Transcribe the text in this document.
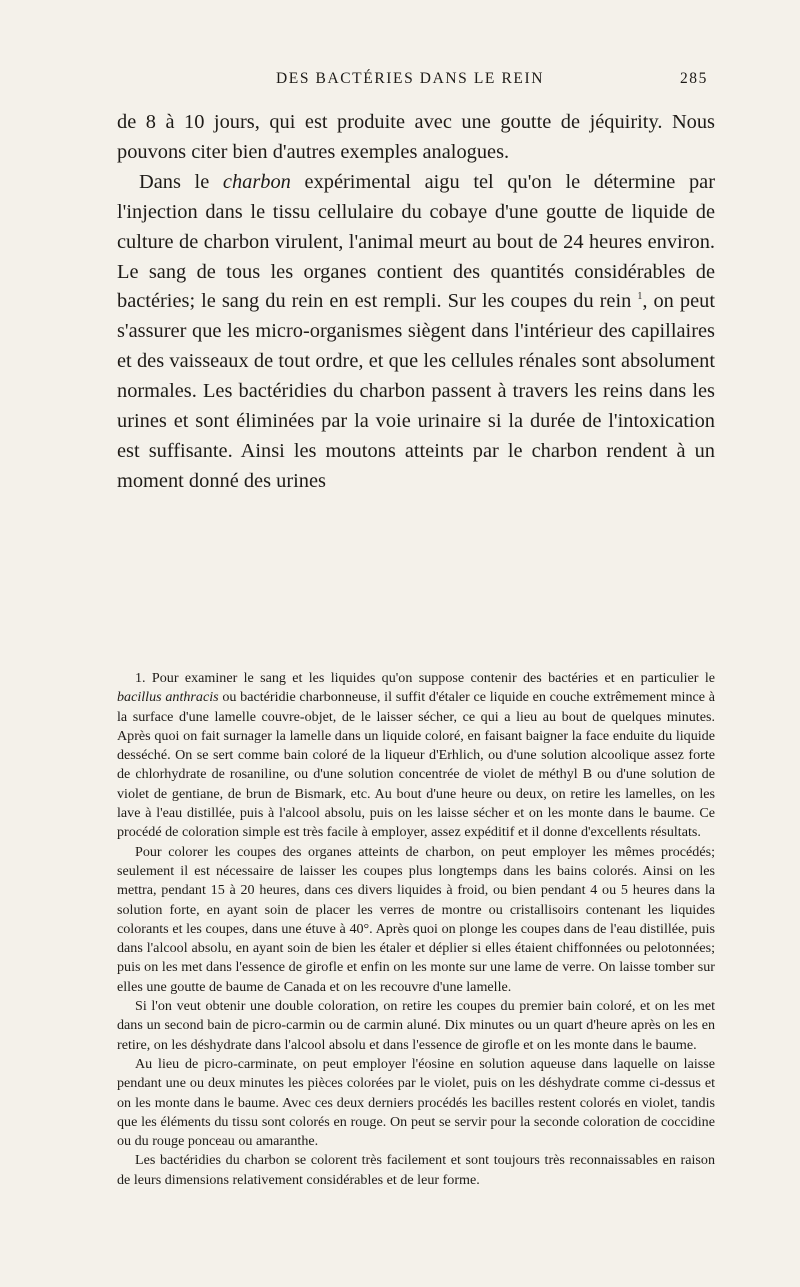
DES BACTÉRIES DANS LE REIN	285

de 8 à 10 jours, qui est produite avec une goutte de jéquirity. Nous pouvons citer bien d'autres exemples analogues.

Dans le charbon expérimental aigu tel qu'on le détermine par l'injection dans le tissu cellulaire du cobaye d'une goutte de liquide de culture de charbon virulent, l'animal meurt au bout de 24 heures environ. Le sang de tous les organes contient des quantités considérables de bactéries; le sang du rein en est rempli. Sur les coupes du rein $^1$, on peut s'assurer que les micro-organismes siègent dans l'intérieur des capillaires et des vaisseaux de tout ordre, et que les cellules rénales sont absolument normales. Les bactéridies du charbon passent à travers les reins dans les urines et sont éliminées par la voie urinaire si la durée de l'intoxication est suffisante. Ainsi les moutons atteints par le charbon rendent à un moment donné des urines

1. Pour examiner le sang et les liquides qu'on suppose contenir des bactéries et en particulier le bacillus anthracis ou bactéridie charbonneuse, il suffit d'étaler ce liquide en couche extrêmement mince à la surface d'une lamelle couvre-objet, de le laisser sécher, ce qui a lieu au bout de quelques minutes. Après quoi on fait surnager la lamelle dans un liquide coloré, en faisant baigner la face enduite du liquide desséché. On se sert comme bain coloré de la liqueur d'Erhlich, ou d'une solution alcoolique assez forte de chlorhydrate de rosaniline, ou d'une solution concentrée de violet de méthyl B ou d'une solution de violet de gentiane, de brun de Bismark, etc. Au bout d'une heure ou deux, on retire les lamelles, on les lave à l'eau distillée, puis à l'alcool absolu, puis on les laisse sécher et on les monte dans le baume. Ce procédé de coloration simple est très facile à employer, assez expéditif et il donne d'excellents résultats.

Pour colorer les coupes des organes atteints de charbon, on peut employer les mêmes procédés; seulement il est nécessaire de laisser les coupes plus longtemps dans les bains colorés. Ainsi on les mettra, pendant 15 à 20 heures, dans ces divers liquides à froid, ou bien pendant 4 ou 5 heures dans la solution forte, en ayant soin de placer les verres de montre ou cristallisoirs contenant les liquides colorants et les coupes, dans une étuve à 40°. Après quoi on plonge les coupes dans de l'eau distillée, puis dans l'alcool absolu, en ayant soin de bien les étaler et déplier si elles étaient chiffonnées ou pelotonnées; puis on les met dans l'essence de girofle et enfin on les monte sur une lame de verre. On laisse tomber sur elles une goutte de baume de Canada et on les recouvre d'une lamelle.

Si l'on veut obtenir une double coloration, on retire les coupes du premier bain coloré, et on les met dans un second bain de picro-carmin ou de carmin aluné. Dix minutes ou un quart d'heure après on les en retire, on les déshydrate dans l'alcool absolu et dans l'essence de girofle et on les monte dans le baume.

Au lieu de picro-carminate, on peut employer l'éosine en solution aqueuse dans laquelle on laisse pendant une ou deux minutes les pièces colorées par le violet, puis on les déshydrate comme ci-dessus et on les monte dans le baume. Avec ces deux derniers procédés les bacilles restent colorés en violet, tandis que les éléments du tissu sont colorés en rouge. On peut se servir pour la seconde coloration de coccidine ou du rouge ponceau ou amaranthe.

Les bactéridies du charbon se colorent très facilement et sont toujours très reconnaissables en raison de leurs dimensions relativement considérables et de leur forme.
